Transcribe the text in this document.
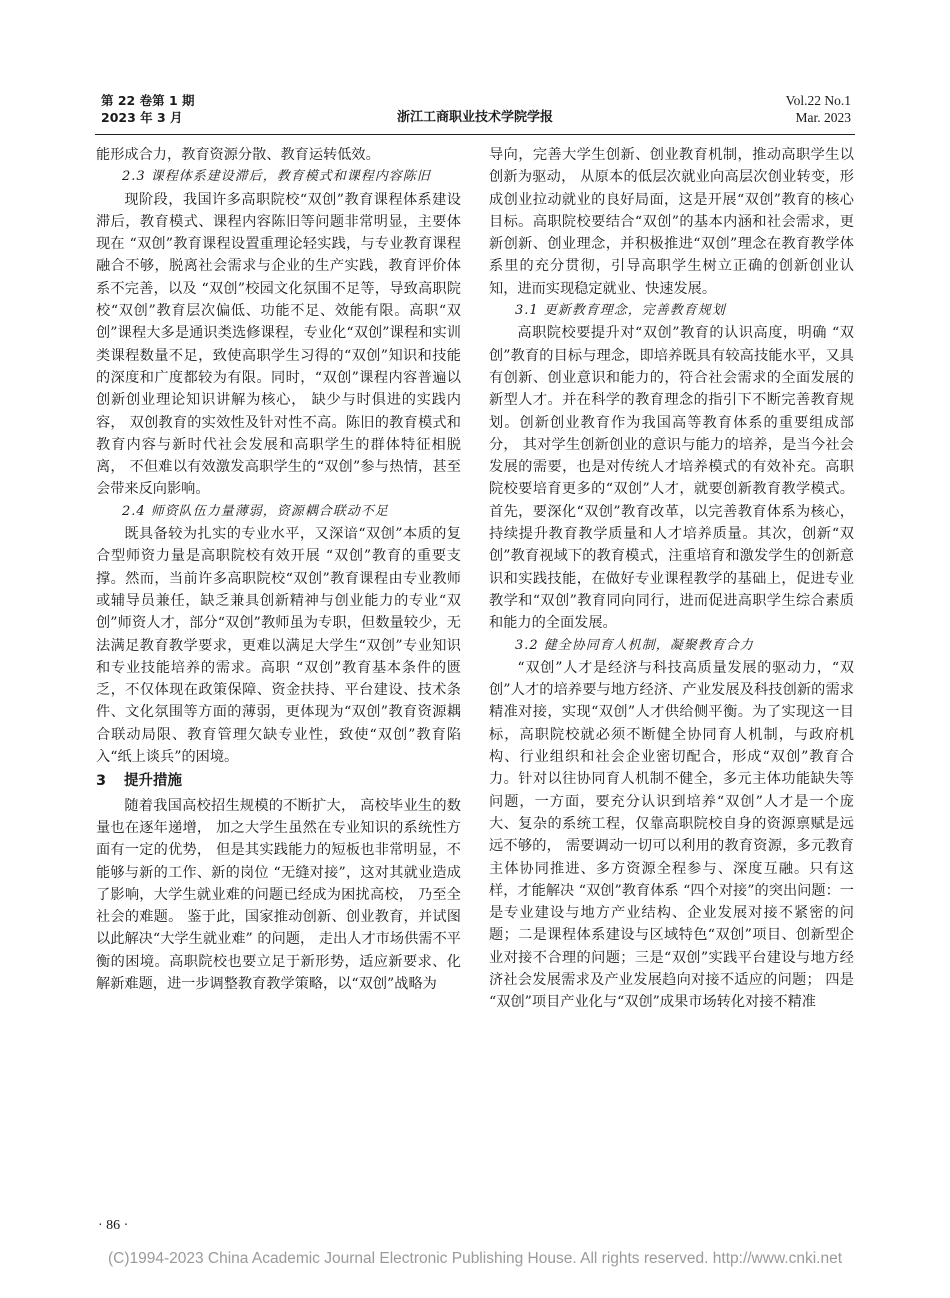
第 22 卷第 1 期
2023 年 3 月	浙江工商职业技术学院学报
Vol.22 No.1
Mar. 2023

能形成合力，教育资源分散、教育运转低效。

2.3 课程体系建设滞后，教育模式和课程内容陈旧

现阶段，我国许多高职院校“双创”教育课程体系建设滞后，教育模式、课程内容陈旧等问题非常明显，主要体现在 “双创”教育课程设置重理论轻实践，与专业教育课程融合不够，脱离社会需求与企业的生产实践，教育评价体系不完善，以及 “双创”校园文化氛围不足等，导致高职院校“双创”教育层次偏低、功能不足、效能有限。高职“双创”课程大多是通识类选修课程，专业化“双创”课程和实训类课程数量不足，致使高职学生习得的“双创”知识和技能的深度和广度都较为有限。同时，“双创”课程内容普遍以创新创业理论知识讲解为核心， 缺少与时俱进的实践内容， 双创教育的实效性及针对性不高。陈旧的教育模式和教育内容与新时代社会发展和高职学生的群体特征相脱离， 不但难以有效激发高职学生的“双创”参与热情，甚至会带来反向影响。

2.4 师资队伍力量薄弱，资源耦合联动不足

既具备较为扎实的专业水平，又深谙“双创”本质的复合型师资力量是高职院校有效开展 “双创”教育的重要支撑。然而，当前许多高职院校“双创”教育课程由专业教师或辅导员兼任，缺乏兼具创新精神与创业能力的专业“双创”师资人才，部分“双创”教师虽为专职，但数量较少，无法满足教育教学要求，更难以满足大学生“双创”专业知识和专业技能培养的需求。高职 “双创”教育基本条件的匮乏，不仅体现在政策保障、资金扶持、平台建设、技术条件、文化氛围等方面的薄弱，更体现为“双创”教育资源耦合联动局限、教育管理欠缺专业性，致使“双创”教育陷入“纸上谈兵”的困境。

3 提升措施

随着我国高校招生规模的不断扩大， 高校毕业生的数量也在逐年递增， 加之大学生虽然在专业知识的系统性方面有一定的优势， 但是其实践能力的短板也非常明显，不能够与新的工作、新的岗位 “无缝对接”，这对其就业造成了影响，大学生就业难的问题已经成为困扰高校， 乃至全社会的难题。 鉴于此，国家推动创新、创业教育，并试图以此解决“大学生就业难” 的问题， 走出人才市场供需不平衡的困境。高职院校也要立足于新形势，适应新要求、化解新难题，进一步调整教育教学策略，以“双创”战略为

导向，完善大学生创新、创业教育机制，推动高职学生以创新为驱动， 从原本的低层次就业向高层次创业转变，形成创业拉动就业的良好局面，这是开展“双创”教育的核心目标。高职院校要结合“双创”的基本内涵和社会需求，更新创新、创业理念，并积极推进“双创”理念在教育教学体系里的充分贯彻，引导高职学生树立正确的创新创业认知，进而实现稳定就业、快速发展。

3.1 更新教育理念，完善教育规划

高职院校要提升对“双创”教育的认识高度，明确 “双创”教育的目标与理念，即培养既具有较高技能水平，又具有创新、创业意识和能力的，符合社会需求的全面发展的新型人才。并在科学的教育理念的指引下不断完善教育规划。创新创业教育作为我国高等教育体系的重要组成部分， 其对学生创新创业的意识与能力的培养，是当今社会发展的需要，也是对传统人才培养模式的有效补充。高职院校要培育更多的“双创”人才，就要创新教育教学模式。首先，要深化“双创”教育改革，以完善教育体系为核心，持续提升教育教学质量和人才培养质量。其次，创新“双创”教育视域下的教育模式，注重培育和激发学生的创新意识和实践技能，在做好专业课程教学的基础上，促进专业教学和“双创”教育同向同行，进而促进高职学生综合素质和能力的全面发展。

3.2 健全协同育人机制，凝聚教育合力

“双创”人才是经济与科技高质量发展的驱动力，“双创”人才的培养要与地方经济、产业发展及科技创新的需求精准对接，实现“双创”人才供给侧平衡。为了实现这一目标，高职院校就必须不断健全协同育人机制，与政府机构、行业组织和社会企业密切配合，形成“双创”教育合力。针对以往协同育人机制不健全，多元主体功能缺失等问题，一方面，要充分认识到培养“双创”人才是一个庞大、复杂的系统工程，仅靠高职院校自身的资源禀赋是远远不够的， 需要调动一切可以利用的教育资源，多元教育主体协同推进、多方资源全程参与、深度互融。只有这样，才能解决 “双创”教育体系 “四个对接”的突出问题：一是专业建设与地方产业结构、企业发展对接不紧密的问题；二是课程体系建设与区域特色“双创”项目、创新型企业对接不合理的问题；三是“双创”实践平台建设与地方经济社会发展需求及产业发展趋向对接不适应的问题； 四是 “双创”项目产业化与“双创”成果市场转化对接不精准

· 86 ·
(C)1994-2023 China Academic Journal Electronic Publishing House. All rights reserved. http://www.cnki.net
